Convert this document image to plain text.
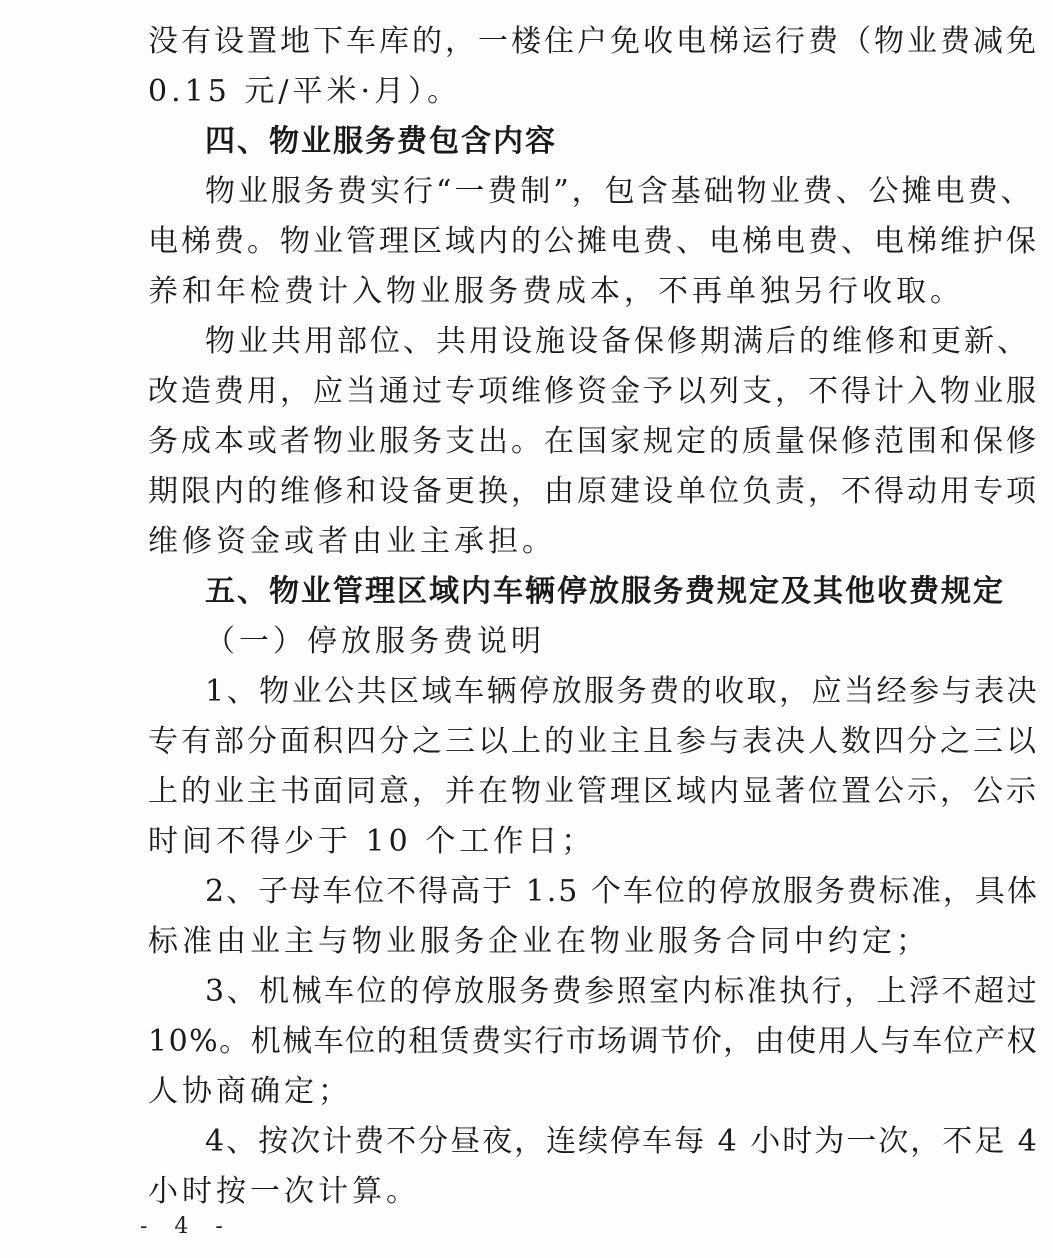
没有设置地下车库的，一楼住户免收电梯运行费（物业费减免
0.15 元/平米·月）。
四、物业服务费包含内容
物业服务费实行“一费制”，包含基础物业费、公摊电费、
电梯费。物业管理区域内的公摊电费、电梯电费、电梯维护保
养和年检费计入物业服务费成本，不再单独另行收取。
物业共用部位、共用设施设备保修期满后的维修和更新、
改造费用，应当通过专项维修资金予以列支，不得计入物业服
务成本或者物业服务支出。在国家规定的质量保修范围和保修
期限内的维修和设备更换，由原建设单位负责，不得动用专项
维修资金或者由业主承担。
五、物业管理区域内车辆停放服务费规定及其他收费规定
（一）停放服务费说明
1、物业公共区域车辆停放服务费的收取，应当经参与表决
专有部分面积四分之三以上的业主且参与表决人数四分之三以
上的业主书面同意，并在物业管理区域内显著位置公示，公示
时间不得少于 10 个工作日；
2、子母车位不得高于 1.5 个车位的停放服务费标准，具体
标准由业主与物业服务企业在物业服务合同中约定；
3、机械车位的停放服务费参照室内标准执行，上浮不超过
10%。机械车位的租赁费实行市场调节价，由使用人与车位产权
人协商确定；
4、按次计费不分昼夜，连续停车每 4 小时为一次，不足 4
小时按一次计算。
- 4 -
